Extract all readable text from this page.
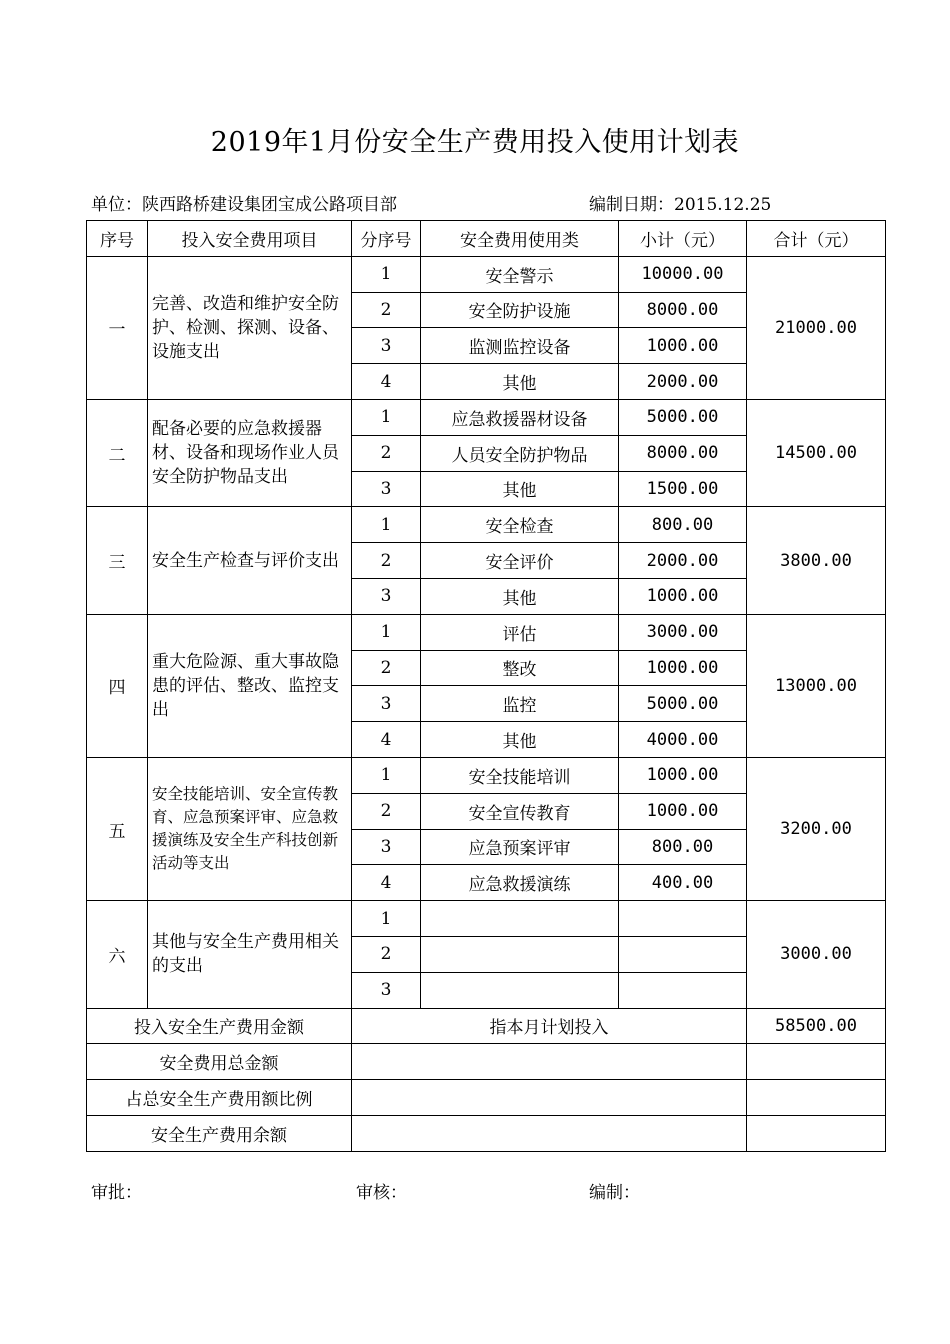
2019年1月份安全生产费用投入使用计划表
单位：陕西路桥建设集团宝成公路项目部	编制日期：2015.12.25
序号	投入安全费用项目	分序号	安全费用使用类	小计（元）	合计（元）
一	完善、改造和维护安全防护、检测、探测、设备、设施支出	1	安全警示	10000.00	21000.00
		2	安全防护设施	8000.00	
		3	监测监控设备	1000.00	
		4	其他	2000.00	
二	配备必要的应急救援器材、设备和现场作业人员安全防护物品支出	1	应急救援器材设备	5000.00	14500.00
		2	人员安全防护物品	8000.00	
		3	其他	1500.00	
三	安全生产检查与评价支出	1	安全检查	800.00	3800.00
		2	安全评价	2000.00	
		3	其他	1000.00	
四	重大危险源、重大事故隐患的评估、整改、监控支出	1	评估	3000.00	13000.00
		2	整改	1000.00	
		3	监控	5000.00	
		4	其他	4000.00	
五	安全技能培训、安全宣传教育、应急预案评审、应急救援演练及安全生产科技创新活动等支出	1	安全技能培训	1000.00	3200.00
		2	安全宣传教育	1000.00	
		3	应急预案评审	800.00	
		4	应急救援演练	400.00	
六	其他与安全生产费用相关的支出	1			3000.00
		2			
		3			
投入安全生产费用金额		指本月计划投入			58500.00
安全费用总金额					
占总安全生产费用额比例					
安全生产费用余额					
审批：	审核：	编制：
